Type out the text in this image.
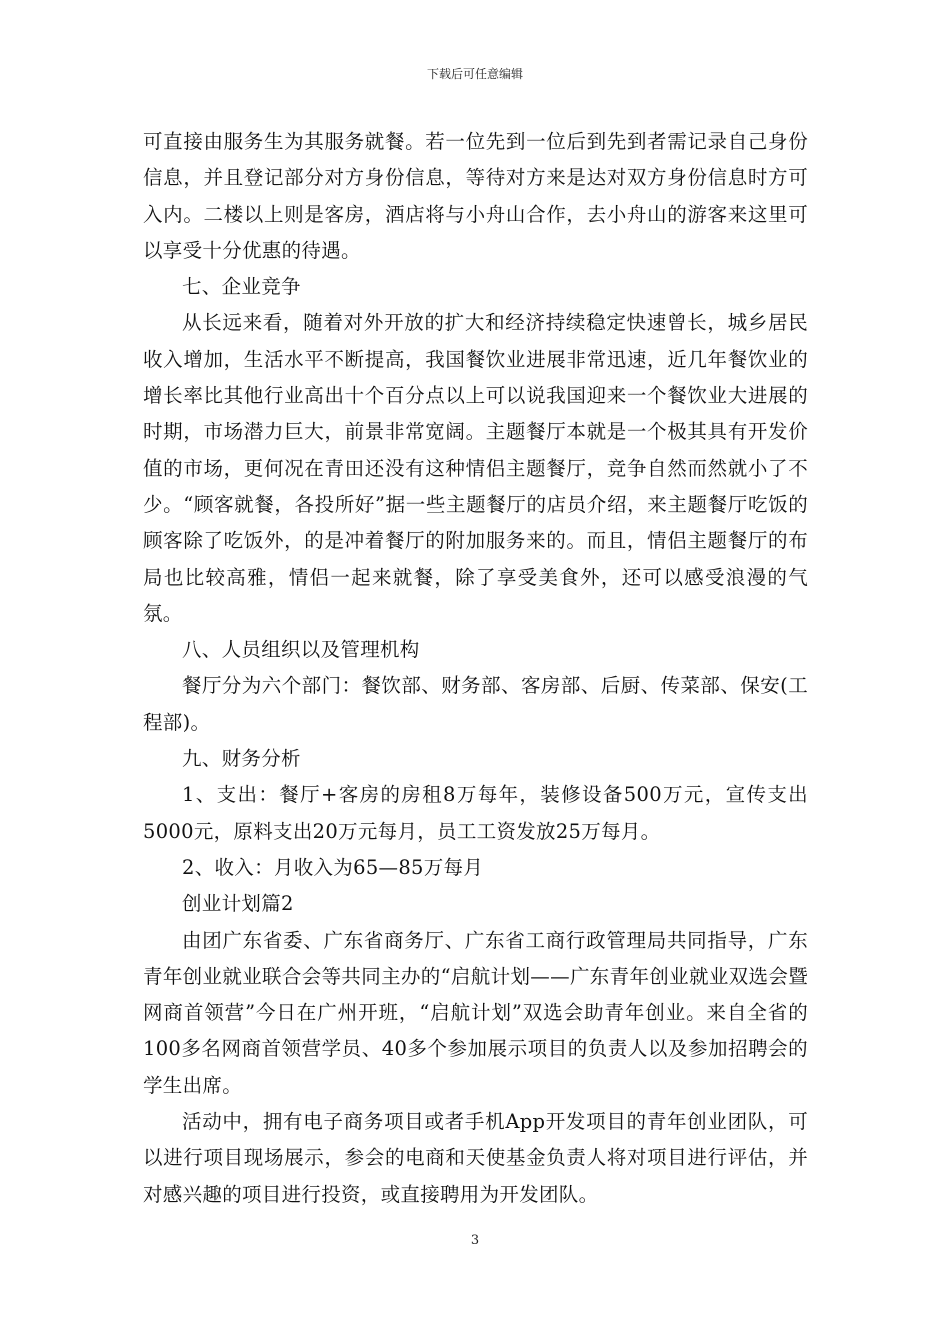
下载后可任意编辑

可直接由服务生为其服务就餐。若一位先到一位后到先到者需记录自己身份信息，并且登记部分对方身份信息，等待对方来是达对双方身份信息时方可入内。二楼以上则是客房，酒店将与小舟山合作，去小舟山的游客来这里可以享受十分优惠的待遇。

七、企业竞争

从长远来看，随着对外开放的扩大和经济持续稳定快速曾长，城乡居民收入增加，生活水平不断提高，我国餐饮业进展非常迅速，近几年餐饮业的增长率比其他行业高出十个百分点以上可以说我国迎来一个餐饮业大进展的时期，市场潜力巨大，前景非常宽阔。主题餐厅本就是一个极其具有开发价值的市场，更何况在青田还没有这种情侣主题餐厅，竞争自然而然就小了不少。“顾客就餐，各投所好”据一些主题餐厅的店员介绍，来主题餐厅吃饭的顾客除了吃饭外，的是冲着餐厅的附加服务来的。而且，情侣主题餐厅的布局也比较高雅，情侣一起来就餐，除了享受美食外，还可以感受浪漫的气氛。

八、人员组织以及管理机构

餐厅分为六个部门：餐饮部、财务部、客房部、后厨、传菜部、保安(工程部)。

九、财务分析

1、支出：餐厅+客房的房租8万每年，装修设备500万元，宣传支出5000元，原料支出20万元每月，员工工资发放25万每月。

2、收入：月收入为65—85万每月

创业计划篇2

由团广东省委、广东省商务厅、广东省工商行政管理局共同指导，广东青年创业就业联合会等共同主办的“启航计划——广东青年创业就业双选会暨网商首领营”今日在广州开班，“启航计划”双选会助青年创业。来自全省的100多名网商首领营学员、40多个参加展示项目的负责人以及参加招聘会的学生出席。

活动中，拥有电子商务项目或者手机App开发项目的青年创业团队，可以进行项目现场展示，参会的电商和天使基金负责人将对项目进行评估，并对感兴趣的项目进行投资，或直接聘用为开发团队。

3
